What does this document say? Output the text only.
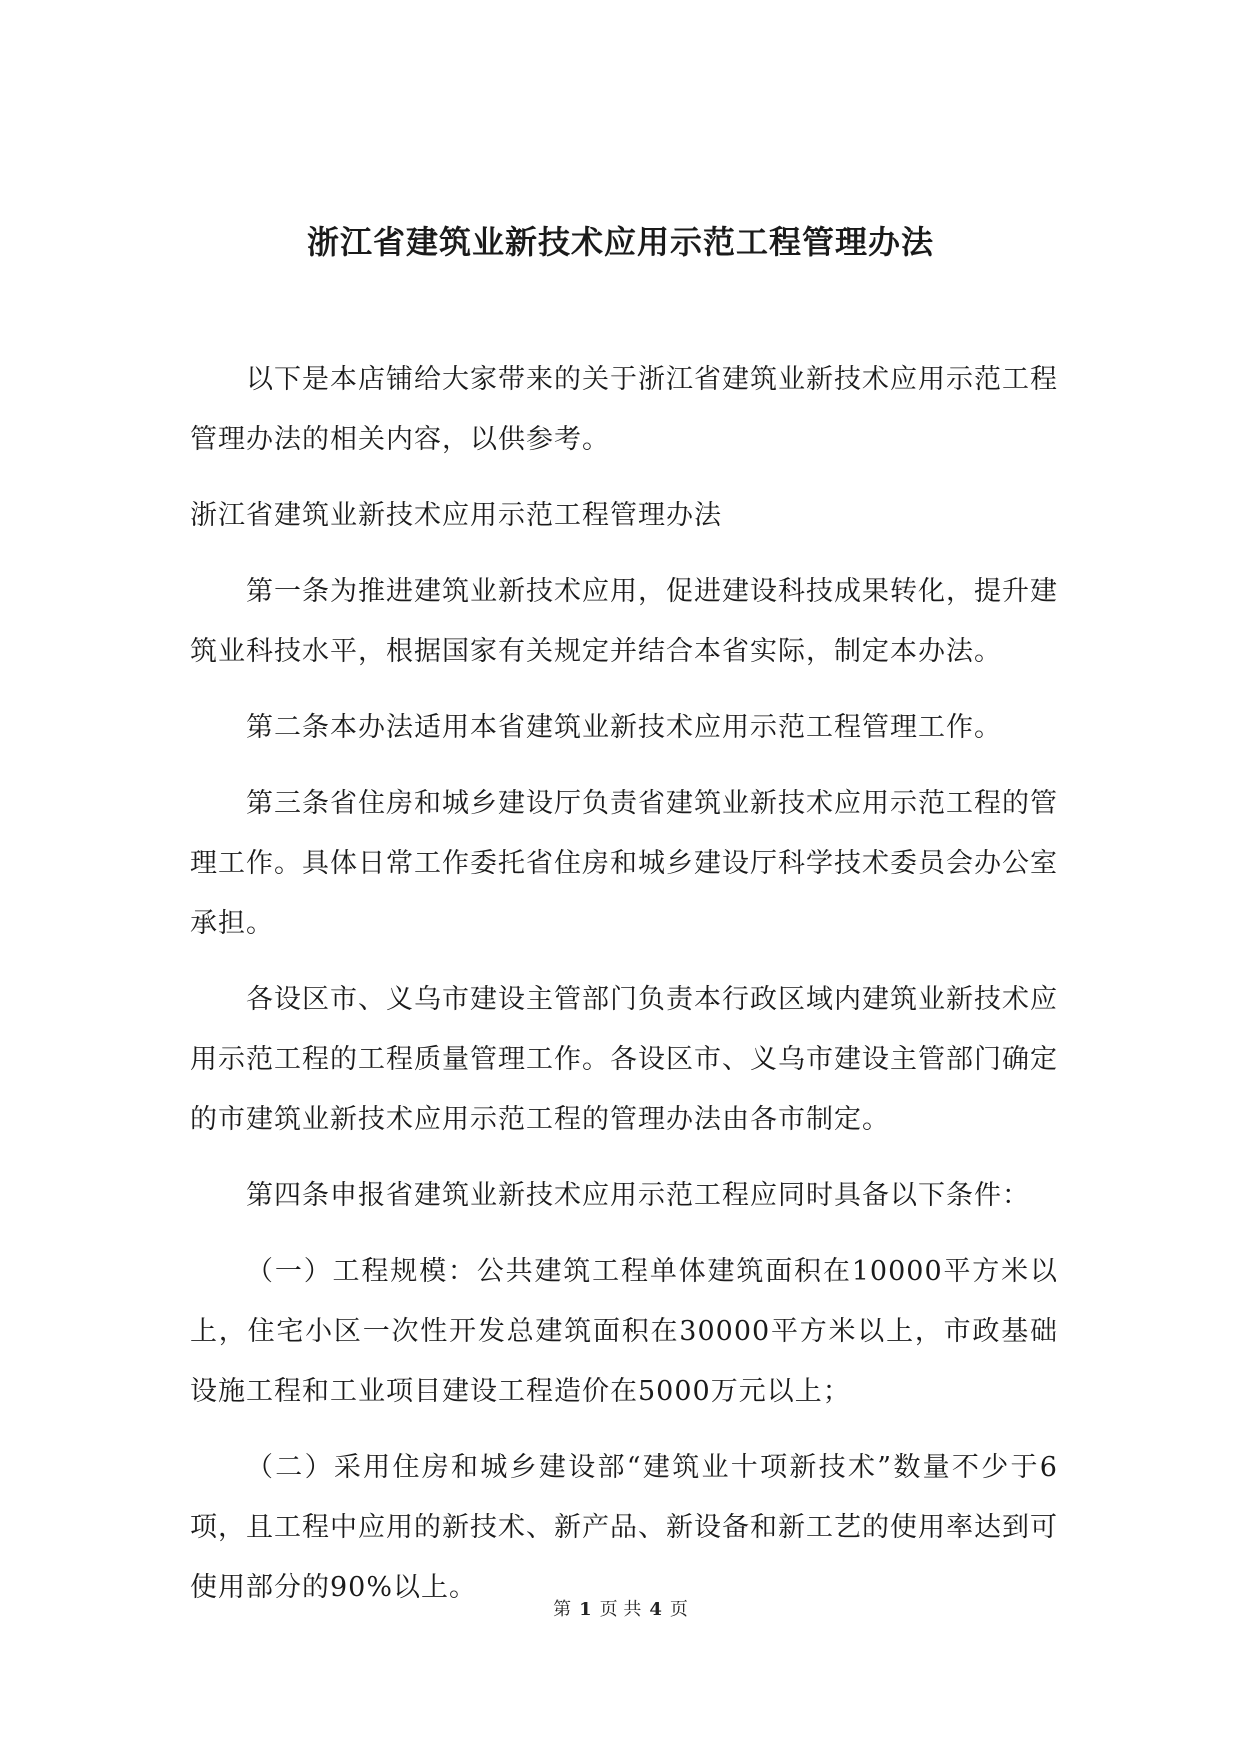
浙江省建筑业新技术应用示范工程管理办法

以下是本店铺给大家带来的关于浙江省建筑业新技术应用示范工程管理办法的相关内容，以供参考。

浙江省建筑业新技术应用示范工程管理办法

第一条为推进建筑业新技术应用，促进建设科技成果转化，提升建筑业科技水平，根据国家有关规定并结合本省实际，制定本办法。

第二条本办法适用本省建筑业新技术应用示范工程管理工作。

第三条省住房和城乡建设厅负责省建筑业新技术应用示范工程的管理工作。具体日常工作委托省住房和城乡建设厅科学技术委员会办公室承担。

各设区市、义乌市建设主管部门负责本行政区域内建筑业新技术应用示范工程的工程质量管理工作。各设区市、义乌市建设主管部门确定的市建筑业新技术应用示范工程的管理办法由各市制定。

第四条申报省建筑业新技术应用示范工程应同时具备以下条件：

（一）工程规模：公共建筑工程单体建筑面积在10000平方米以上，住宅小区一次性开发总建筑面积在30000平方米以上，市政基础设施工程和工业项目建设工程造价在5000万元以上；

（二）采用住房和城乡建设部“建筑业十项新技术”数量不少于6项，且工程中应用的新技术、新产品、新设备和新工艺的使用率达到可使用部分的90%以上。

第 1 页 共 4 页
